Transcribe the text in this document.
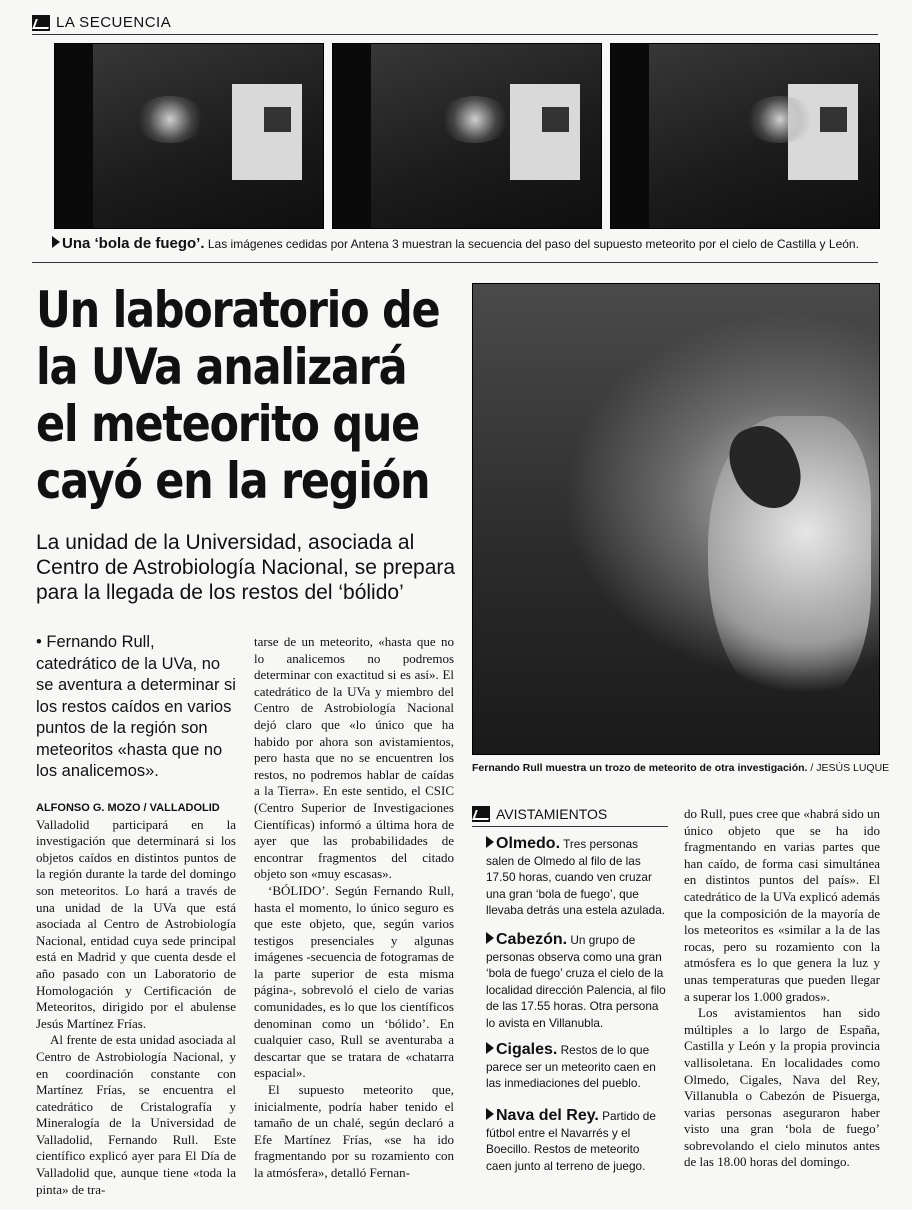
LA SECUENCIA
Una ‘bola de fuego’. Las imágenes cedidas por Antena 3 muestran la secuencia del paso del supuesto meteorito por el cielo de Castilla y León.
Un laboratorio de
la UVa analizará
el meteorito que
cayó en la región
La unidad de la Universidad, asociada al Centro de Astrobiología Nacional, se prepara para la llegada de los restos del ‘bólido’
• Fernando Rull, catedrático de la UVa, no se aventura a determinar si los restos caídos en varios puntos de la región son meteoritos «hasta que no los analicemos».
ALFONSO G. MOZO / VALLADOLID

Valladolid participará en la investigación que determinará si los objetos caídos en distintos puntos de la región durante la tarde del domingo son meteoritos. Lo hará a través de una unidad de la UVa que está asociada al Centro de Astrobiología Nacional, entidad cuya sede principal está en Madrid y que cuenta desde el año pasado con un Laboratorio de Homologación y Certificación de Meteoritos, dirigido por el abulense Jesús Martínez Frías.

Al frente de esta unidad asociada al Centro de Astrobiología Nacional, y en coordinación constante con Martínez Frías, se encuentra el catedrático de Cristalografía y Mineralogía de la Universidad de Valladolid, Fernando Rull. Este científico explicó ayer para El Día de Valladolid que, aunque tiene «toda la pinta» de tra-

tarse de un meteorito, «hasta que no lo analicemos no podremos determinar con exactitud si es así». El catedrático de la UVa y miembro del Centro de Astrobiología Nacional dejó claro que «lo único que ha habido por ahora son avistamientos, pero hasta que no se encuentren los restos, no podremos hablar de caídas a la Tierra». En este sentido, el CSIC (Centro Superior de Investigaciones Científicas) informó a última hora de ayer que las probabilidades de encontrar fragmentos del citado objeto son «muy escasas».

‘BÓLIDO’. Según Fernando Rull, hasta el momento, lo único seguro es que este objeto, que, según varios testigos presenciales y algunas imágenes -secuencia de fotogramas de la parte superior de esta misma página-, sobrevoló el cielo de varias comunidades, es lo que los científicos denominan como un ‘bólido’. En cualquier caso, Rull se aventuraba a descartar que se tratara de «chatarra espacial».

El supuesto meteorito que, inicialmente, podría haber tenido el tamaño de un chalé, según declaró a Efe Martínez Frías, «se ha ido fragmentando por su rozamiento con la atmósfera», detalló Fernan-

Fernando Rull muestra un trozo de meteorito de otra investigación. / JESÚS LUQUE
AVISTAMIENTOS
Olmedo. Tres personas salen de Olmedo al filo de las 17.50 horas, cuando ven cruzar una gran ‘bola de fuego’, que llevaba detrás una estela azulada.
Cabezón. Un grupo de personas observa como una gran ‘bola de fuego’ cruza el cielo de la localidad dirección Palencia, al filo de las 17.55 horas. Otra persona lo avista en Villanubla.
Cigales. Restos de lo que parece ser un meteorito caen en las inmediaciones del pueblo.
Nava del Rey. Partido de fútbol entre el Navarrés y el Boecillo. Restos de meteorito caen junto al terreno de juego.

do Rull, pues cree que «habrá sido un único objeto que se ha ido fragmentando en varias partes que han caído, de forma casi simultánea en distintos puntos del país». El catedrático de la UVa explicó además que la composición de la mayoría de los meteoritos es «similar a la de las rocas, pero su rozamiento con la atmósfera es lo que genera la luz y unas temperaturas que pueden llegar a superar los 1.000 grados».

Los avistamientos han sido múltiples a lo largo de España, Castilla y León y la propia provincia vallisoletana. En localidades como Olmedo, Cigales, Nava del Rey, Villanubla o Cabezón de Pisuerga, varias personas aseguraron haber visto una gran ‘bola de fuego’ sobrevolando el cielo minutos antes de las 18.00 horas del domingo.
